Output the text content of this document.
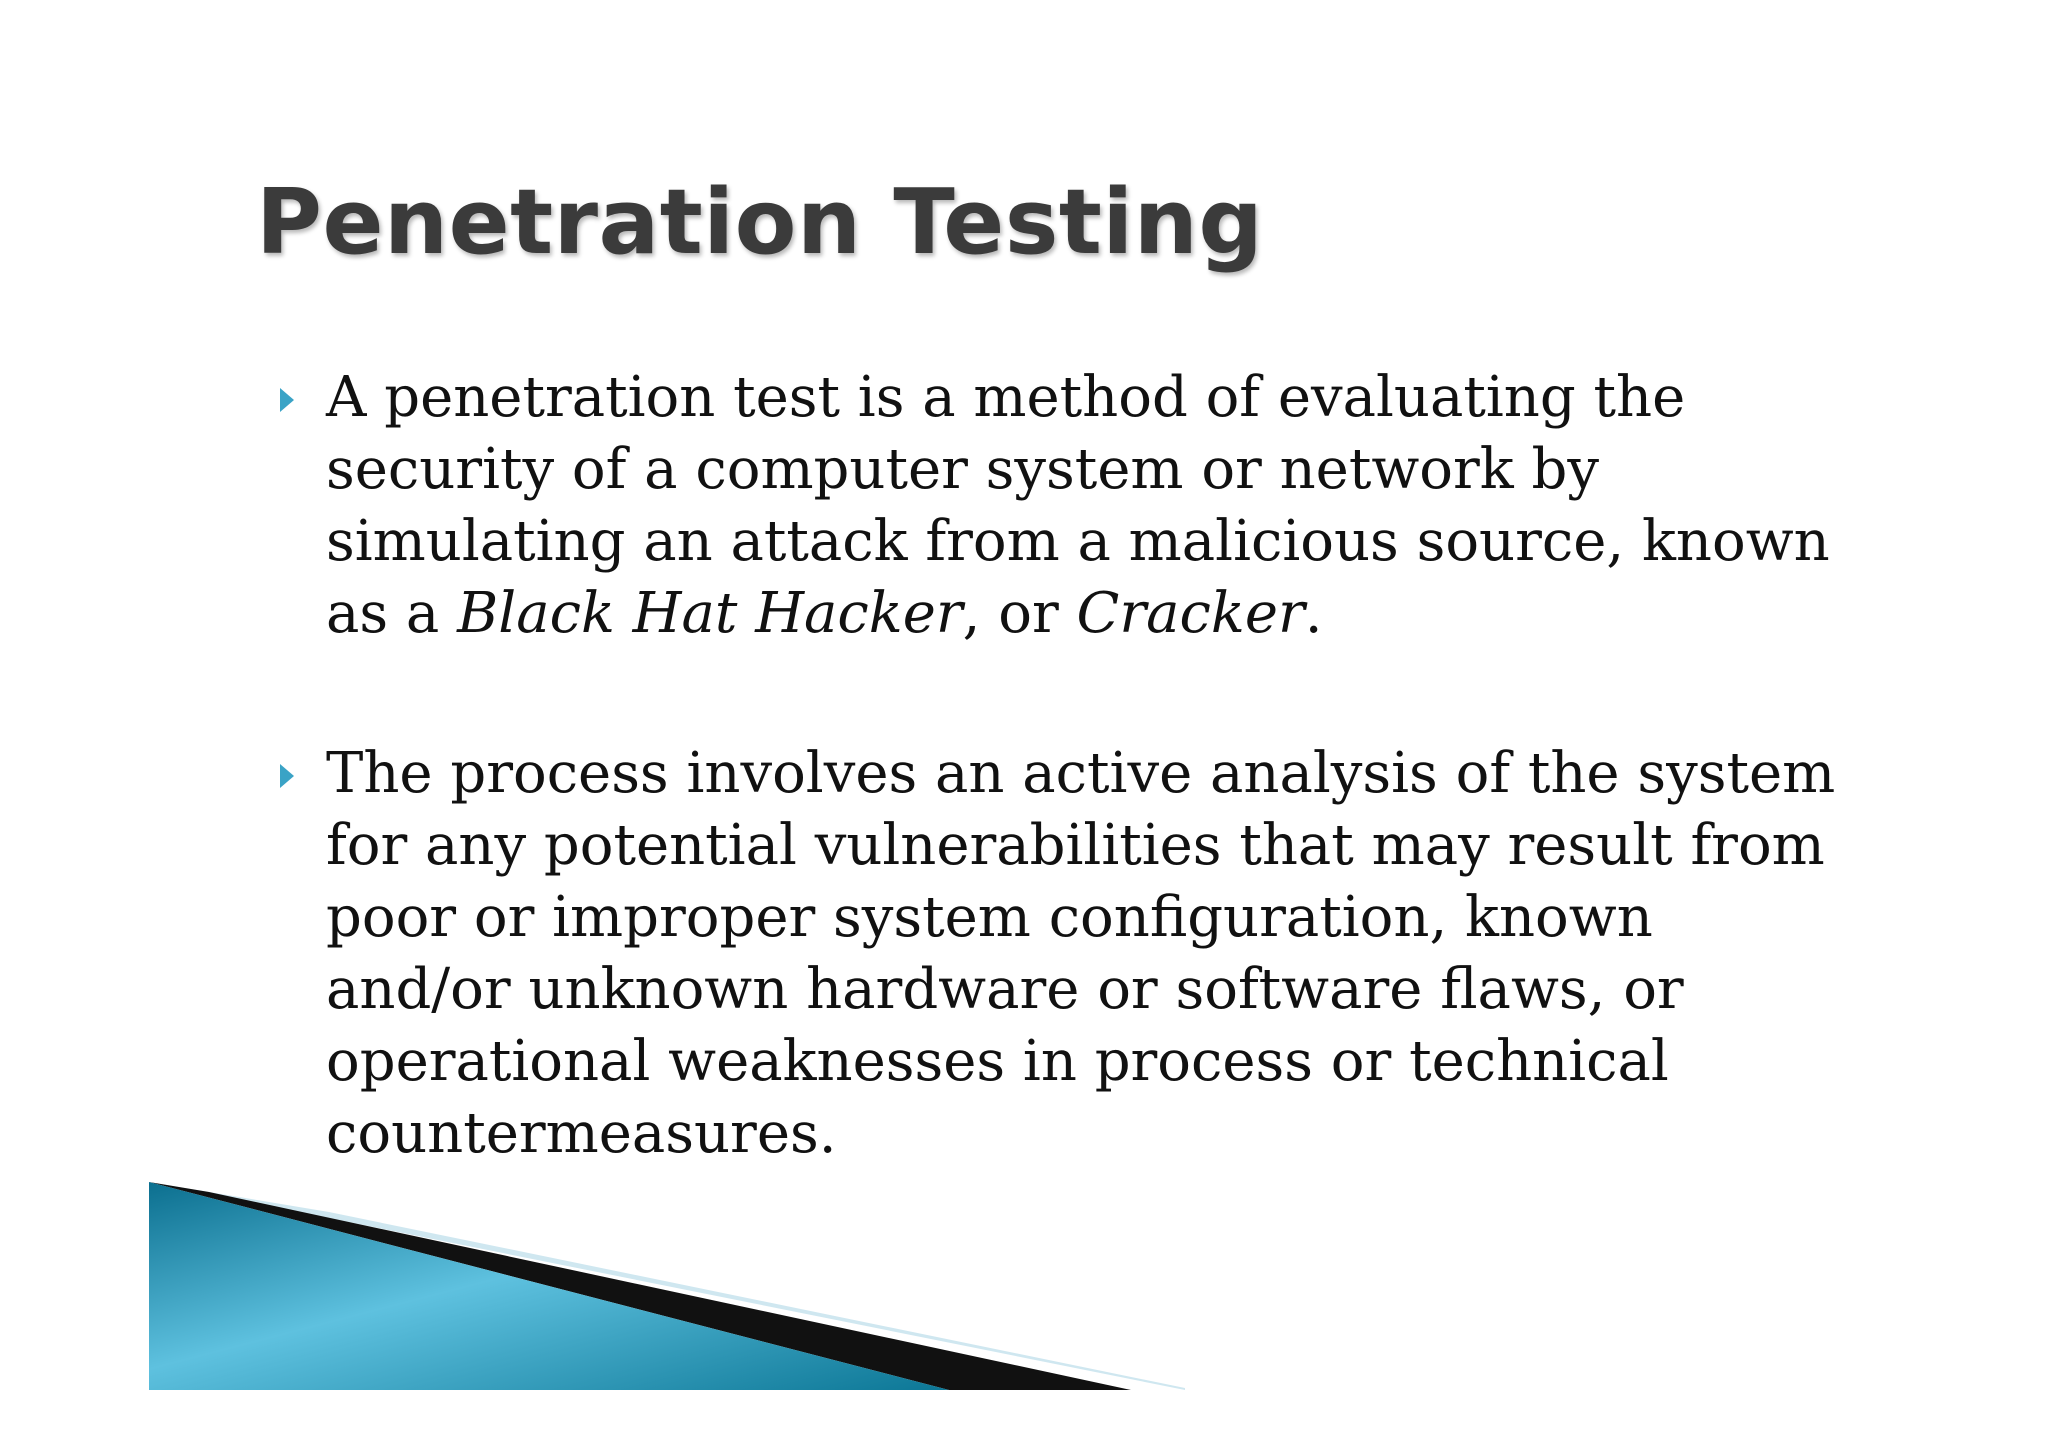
Penetration Testing
A penetration test is a method of evaluating the
security of a computer system or network by
simulating an attack from a malicious source, known
as a Black Hat Hacker, or Cracker.
The process involves an active analysis of the system
for any potential vulnerabilities that may result from
poor or improper system configuration, known
and/or unknown hardware or software flaws, or
operational weaknesses in process or technical
countermeasures.
